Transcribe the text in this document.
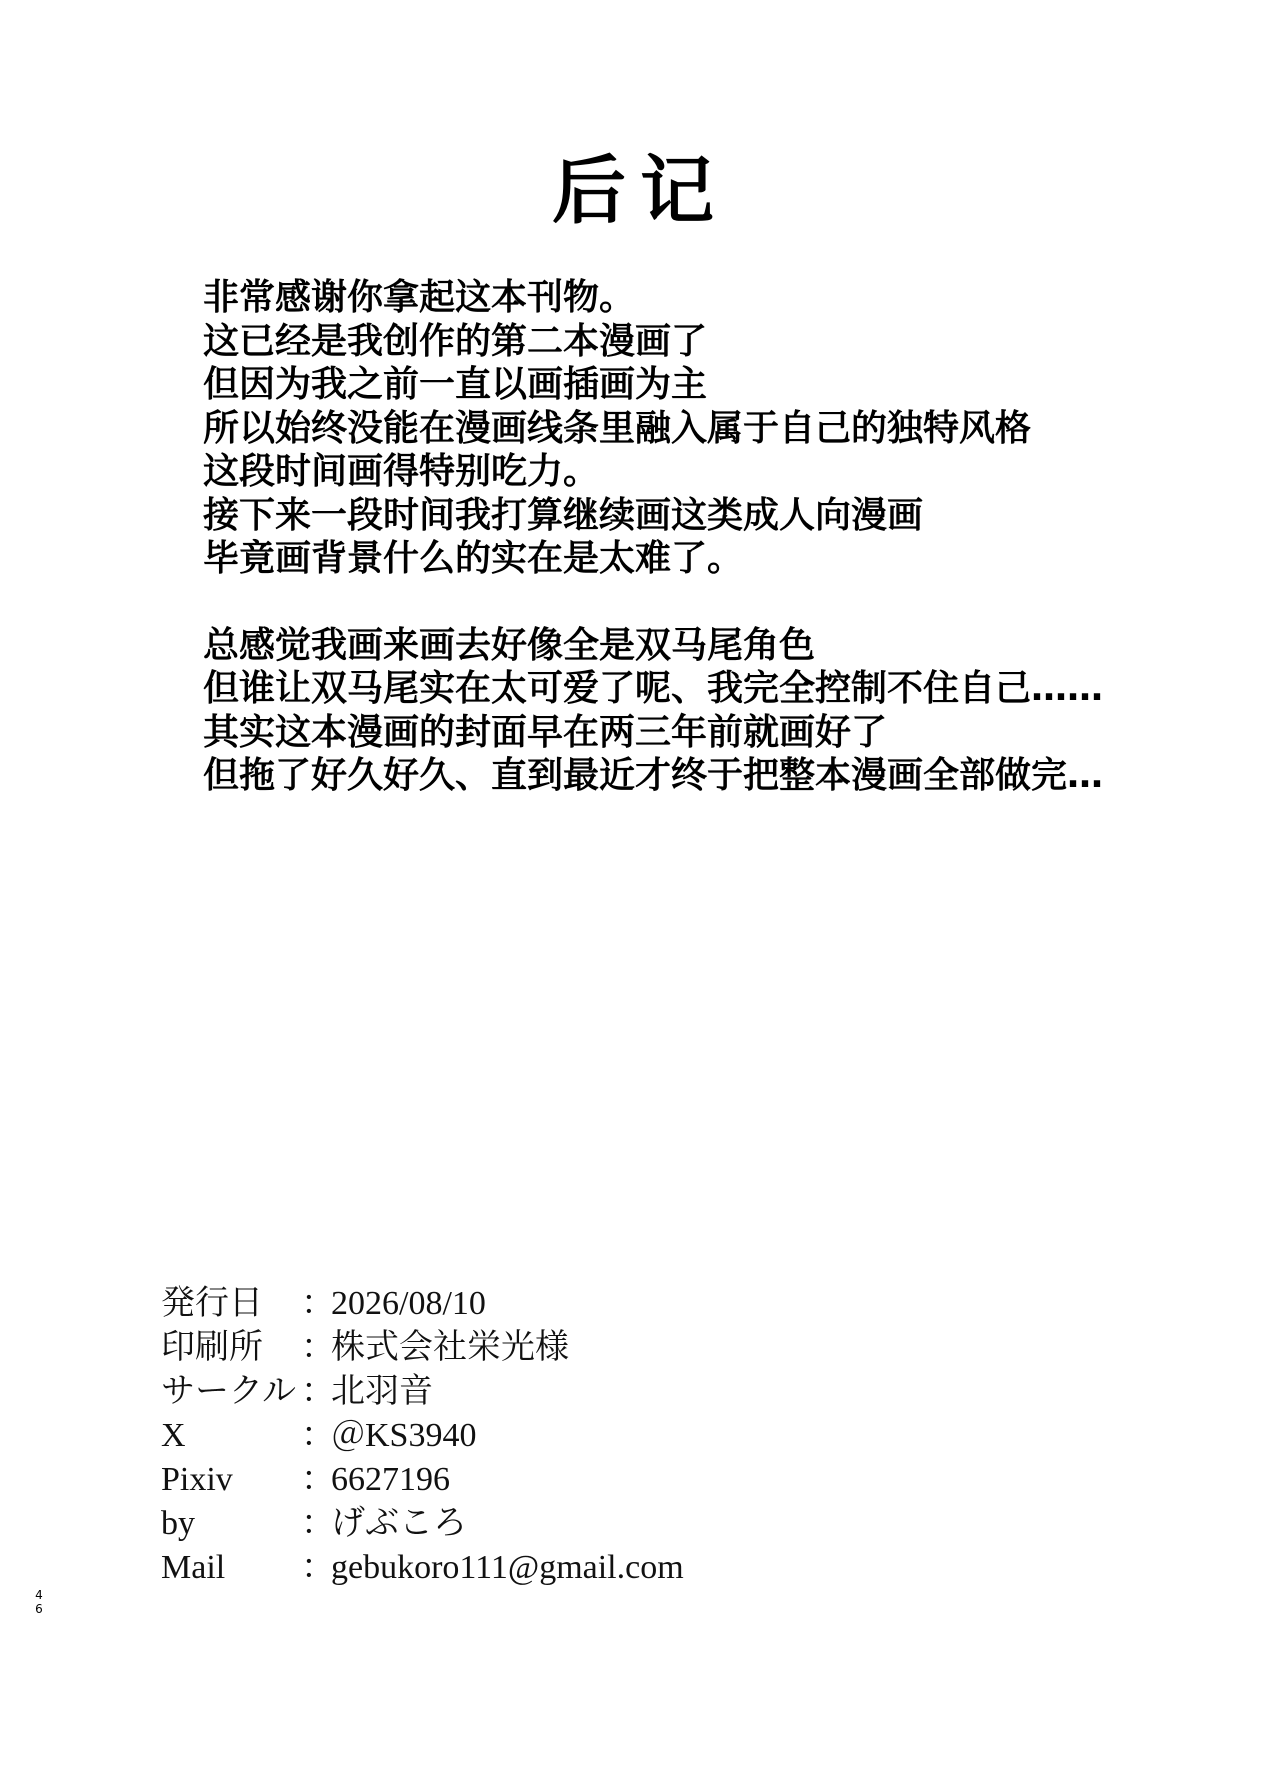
后记
非常感谢你拿起这本刊物。
这已经是我创作的第二本漫画了
但因为我之前一直以画插画为主
所以始终没能在漫画线条里融入属于自己的独特风格
这段时间画得特别吃力。
接下来一段时间我打算继续画这类成人向漫画
毕竟画背景什么的实在是太难了。
总感觉我画来画去好像全是双马尾角色
但谁让双马尾实在太可爱了呢、我完全控制不住自己……
其实这本漫画的封面早在两三年前就画好了
但拖了好久好久、直到最近才终于把整本漫画全部做完…
発行日 ：2026/08/10
印刷所 ：株式会社栄光様
サークル ：北羽音
X	：＠KS3940
Pixiv ：6627196
by	：げぶころ
Mail ：gebukoro111@gmail.com
4
6
